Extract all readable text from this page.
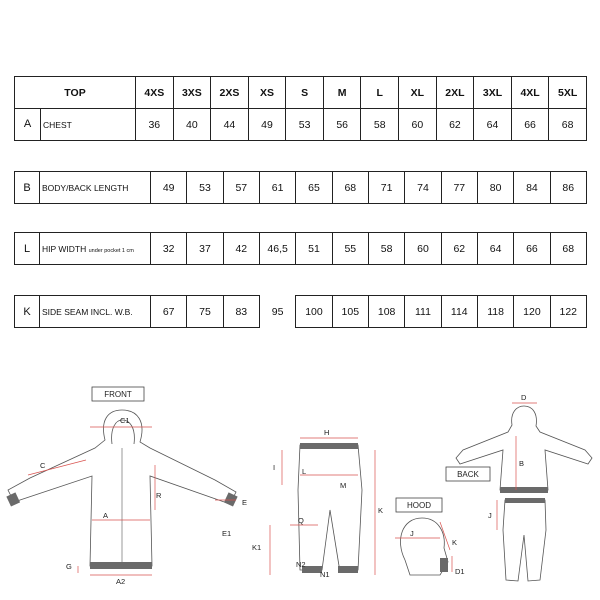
TOP	4XS	3XS	2XS	XS	S	M	L	XL	2XL	3XL	4XL	5XL

A CHEST	36	40	44	49	53	56	58	60	62	64	66	68
B	BODY/BACK LENGTH	49	53	57	61	65	68	71	74	77	80	84	86
L	HIP WIDTH under pocket 1 cm	32	37	42	46,5	51	55	58	60	62	64	66	68
K	SIDE SEAM INCL. W.B.	67	75	83	95	100	105	108	111	114	118	120	122
FRONT
C1
C
R
A
E
E1
G
A2
H
I	L
M
K
Q
K1
N2
N1
D
B
BACK
J
HOOD
J
K
D1
